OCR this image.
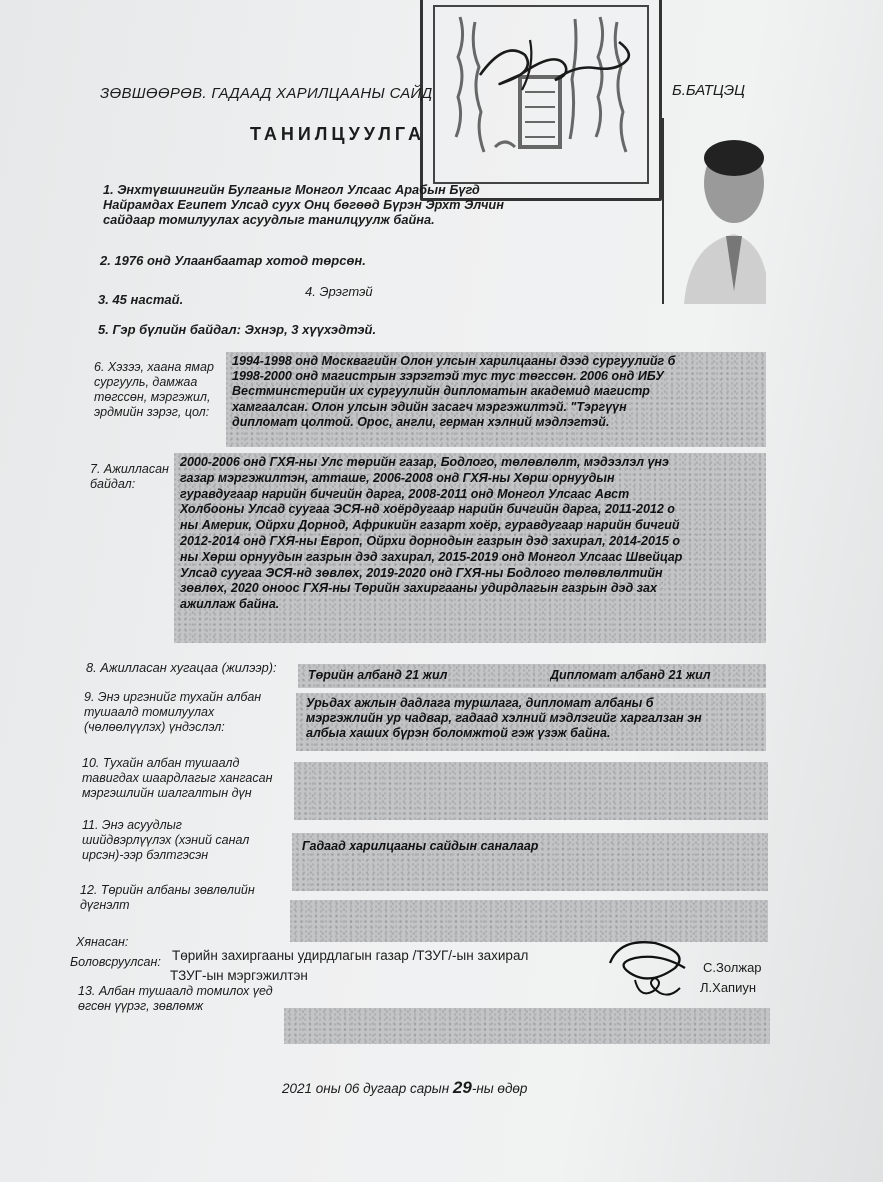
ЗӨВШӨӨРӨВ. ГАДААД ХАРИЛЦААНЫ САЙД	Б.БАТЦЭЦ
ТАНИЛЦУУЛГА
1. Энхтүвшингийн Булганыг Монгол Улсаас Арабын Бүгд Найрамдах Египет Улсад суух Онц бөгөөд Бүрэн Эрхт Элчин сайдаар томилуулах асуудлыг танилцуулж байна.
2. 1976 онд Улаанбаатар хотод төрсөн.
3. 45 настай.
4. Эрэгтэй
5. Гэр бүлийн байдал: Эхнэр, 3 хүүхэдтэй.
6. Хэзээ, хаана ямар сургууль, дамжаа төгссөн, мэргэжил, эрдмийн зэрэг, цол:
1994-1998 онд Москвагийн Олон улсын харилцааны дээд сургуулийг б
1998-2000 онд магистрын зэрэгтэй тус тус төгссөн. 2006 онд ИБУ
Вестминстерийн их сургуулийн дипломатын академид магистр
хамгаалсан. Олон улсын эдийн засагч мэргэжилтэй. "Тэргүүн
дипломат цолтой. Орос, англи, герман хэлний мэдлэгтэй.
7. Ажилласан байдал:
2000-2006 онд ГХЯ-ны Улс төрийн газар, Бодлого, төлөвлөлт, мэдээлэл үнэ
газар мэргэжилтэн, атташе, 2006-2008 онд ГХЯ-ны Хөрш орнуудын
гуравдугаар нарийн бичгийн дарга, 2008-2011 онд Монгол Улсаас Авст
Холбооны Улсад суугаа ЭСЯ-нд хоёрдугаар нарийн бичгийн дарга, 2011-2012 о
ны Америк, Ойрхи Дорнод, Африкийн газарт хоёр, гуравдугаар нарийн бичгий
2012-2014 онд ГХЯ-ны Европ, Ойрхи дорнодын газрын дэд захирал, 2014-2015 о
ны Хөрш орнуудын газрын дэд захирал, 2015-2019 онд Монгол Улсаас Швейцар
Улсад суугаа ЭСЯ-нд зөвлөх, 2019-2020 онд ГХЯ-ны Бодлого төлөвлөлтийн
зөвлөх, 2020 оноос ГХЯ-ны Төрийн захиргааны удирдлагын газрын дэд зах
ажиллаж байна.
8. Ажилласан хугацаа (жилээр):	Төрийн албанд 21 жил	Дипломат албанд 21 жил
9. Энэ иргэнийг тухайн албан тушаалд томилуулах (чөлөөлүүлэх) үндэслэл:
Урьдах ажлын дадлага туршлага, дипломат албаны б
мэргэжлийн ур чадвар, гадаад хэлний мэдлэгийг харгалзан эн
албыа хаших бүрэн боломжтой гэж үзэж байна.
10. Тухайн албан тушаалд тавигдах шаардлагыг хангасан мэргэшлийн шалгалтын дүн
11. Энэ асуудлыг шийдвэрлүүлэх (хэний санал ирсэн)-ээр бэлтгэсэн
Гадаад харилцааны сайдын саналаар
12. Төрийн албаны зөвлөлийн дүгнэлт
Хянасан:
Боловсруулсан: Төрийн захиргааны удирдлагын газар /ТЗУГ/-ын захирал
ТЗУГ-ын мэргэжилтэн
С.Золжар
Л.Хапиун
13. Албан тушаалд томилох үед өгсөн үүрэг, зөвлөмж
2021 оны 06 дугаар сарын 29-ны өдөр
